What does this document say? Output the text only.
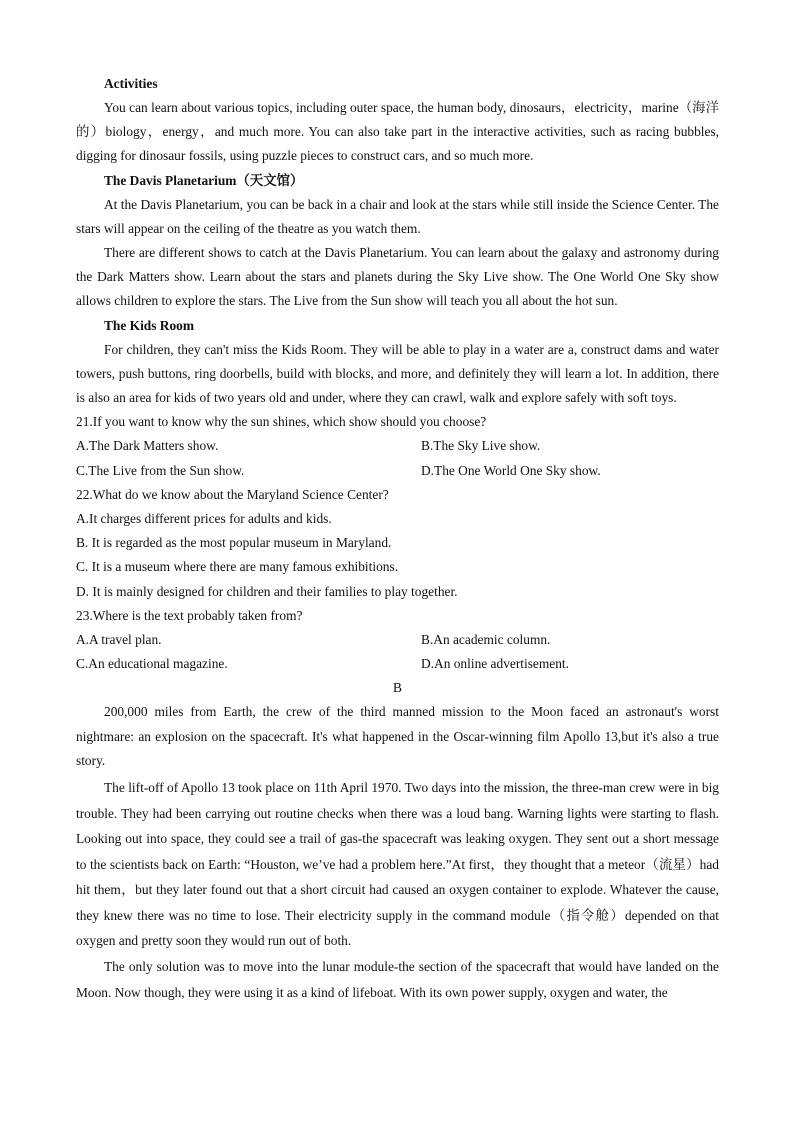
Activities

You can learn about various topics, including outer space, the human body, dinosaurs，electricity，marine（海洋的）biology，energy，and much more. You can also take part in the interactive activities, such as racing bubbles, digging for dinosaur fossils, using puzzle pieces to construct cars, and so much more.

The Davis Planetarium（天文馆）

At the Davis Planetarium, you can be back in a chair and look at the stars while still inside the Science Center. The stars will appear on the ceiling of the theatre as you watch them.

There are different shows to catch at the Davis Planetarium. You can learn about the galaxy and astronomy during the Dark Matters show. Learn about the stars and planets during the Sky Live show. The One World One Sky show allows children to explore the stars. The Live from the Sun show will teach you all about the hot sun.

The Kids Room

For children, they can't miss the Kids Room. They will be able to play in a water are a, construct dams and water towers, push buttons, ring doorbells, build with blocks, and more, and definitely they will learn a lot. In addition, there is also an area for kids of two years old and under, where they can crawl, walk and explore safely with soft toys.

21.If you want to know why the sun shines, which show should you choose?
A.The Dark Matters show.	B.The Sky Live show.
C.The Live from the Sun show.	D.The One World One Sky show.
22.What do we know about the Maryland Science Center?
A.It charges different prices for adults and kids.
B. It is regarded as the most popular museum in Maryland.
C. It is a museum where there are many famous exhibitions.
D. It is mainly designed for children and their families to play together.
23.Where is the text probably taken from?
A.A travel plan.	B.An academic column.
C.An educational magazine.	D.An online advertisement.
B

200,000 miles from Earth, the crew of the third manned mission to the Moon faced an astronaut's worst nightmare: an explosion on the spacecraft. It's what happened in the Oscar-winning film Apollo 13,but it's also a true story.

The lift-off of Apollo 13 took place on 11th April 1970. Two days into the mission, the three-man crew were in big trouble. They had been carrying out routine checks when there was a loud bang. Warning lights were starting to flash. Looking out into space, they could see a trail of gas-the spacecraft was leaking oxygen. They sent out a short message to the scientists back on Earth: “Houston, we’ve had a problem here.”At first，they thought that a meteor（流星）had hit them，but they later found out that a short circuit had caused an oxygen container to explode. Whatever the cause, they knew there was no time to lose. Their electricity supply in the command module（指令舱）depended on that oxygen and pretty soon they would run out of both.

The only solution was to move into the lunar module-the section of the spacecraft that would have landed on the Moon. Now though, they were using it as a kind of lifeboat. With its own power supply, oxygen and water, the
